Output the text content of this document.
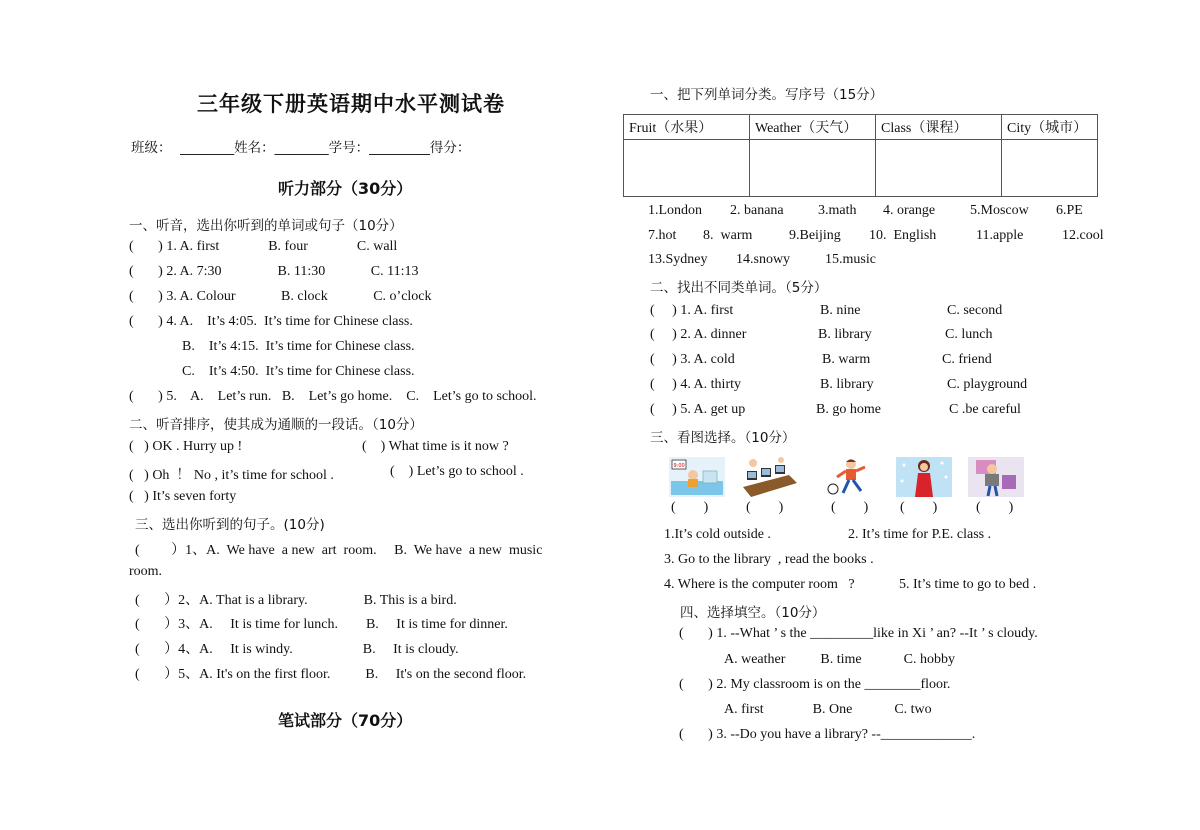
三年级下册英语期中水平测试卷
班级：  ________姓名：________学号：_________得分：
听力部分（30分）
一、听音，选出你听到的单词或句子（10分）
(       ) 1. A. first              B. four              C. wall
(       ) 2. A. 7:30                B. 11:30             C. 11:13
(       ) 3. A. Colour             B. clock             C. o’clock
(       ) 4. A.    It’s 4:05.  It’s time for Chinese class.
B.    It’s 4:15.  It’s time for Chinese class.
C.    It’s 4:50.  It’s time for Chinese class.
(       ) 5.    A.    Let’s run.   B.    Let’s go home.    C.    Let’s go to school.
二、听音排序，使其成为通顺的一段话。（10分）
(   ) OK . Hurry up !	(    ) What time is it now ?
(   ) Oh  ！ No , it’s time for school .	(    ) Let’s go to school .
(   ) It’s seven forty
三、选出你听到的句子。(10分)
(         ）1、A.  We have  a new  art  room.     B.  We have  a new  music
room.
(       ）2、A. That is a library.                B. This is a bird.
(       ）3、A.     It is time for lunch.        B.     It is time for dinner.
(       ）4、A.     It is windy.                    B.     It is cloudy.
(       ）5、A. It's on the first floor.          B.     It's on the second floor.
笔试部分（70分）
一、把下列单词分类。写序号（15分）
Fruit（水果）	Weather（天气）	Class（课程）	City（城市）

1.London 2. banana 3.math 4. orange 5.Moscow 6.PE
7.hot 8.  warm	9.Beijing 10.  English	11.apple	12.cool
13.Sydney 14.snowy 15.music
二、找出不同类单词。（5分）
(     ) 1. A. first	B. nine	C. second
(     ) 2. A. dinner	B. library	C. lunch
(     ) 3. A. cold	B. warm	C. friend
(     ) 4. A. thirty	B. library	C. playground
(     ) 5. A. get up	B. go home	C .be careful
三、看图选择。（10分）
9:00
(        )	(        )	(        ) (        )	(        )
1.It’s cold outside .	2. It’s time for P.E. class .
3. Go to the library  , read the books .
4. Where is the computer room   ?	5. It’s time to go to bed .
四、选择填空。（10分）
(       ) 1. --What ’ s the _________like in Xi ’ an? --It ’ s cloudy.
A. weather          B. time            C. hobby
(       ) 2. My classroom is on the ________floor.
A. first              B. One            C. two
(       ) 3. --Do you have a library? --_____________.
